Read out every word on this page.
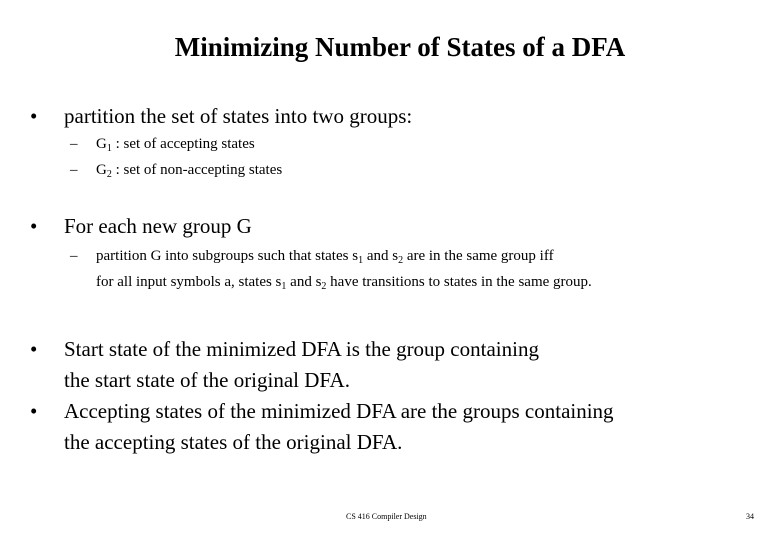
Minimizing Number of States of a DFA
•	partition the set of states into two groups:
–	$G_1$ : set of accepting states
–	$G_2$ : set of non-accepting states
•	For each new group G
–	partition G into subgroups such that states $s_1$ and $s_2$ are in the same group iff
for all input symbols a, states $s_1$ and $s_2$ have transitions to states in the same group.
•	Start state of the minimized DFA is the group containing
the start state of the original DFA.
•	Accepting states of the minimized DFA are the groups containing
the accepting states of the original DFA.
CS 416 Compiler Design	34
